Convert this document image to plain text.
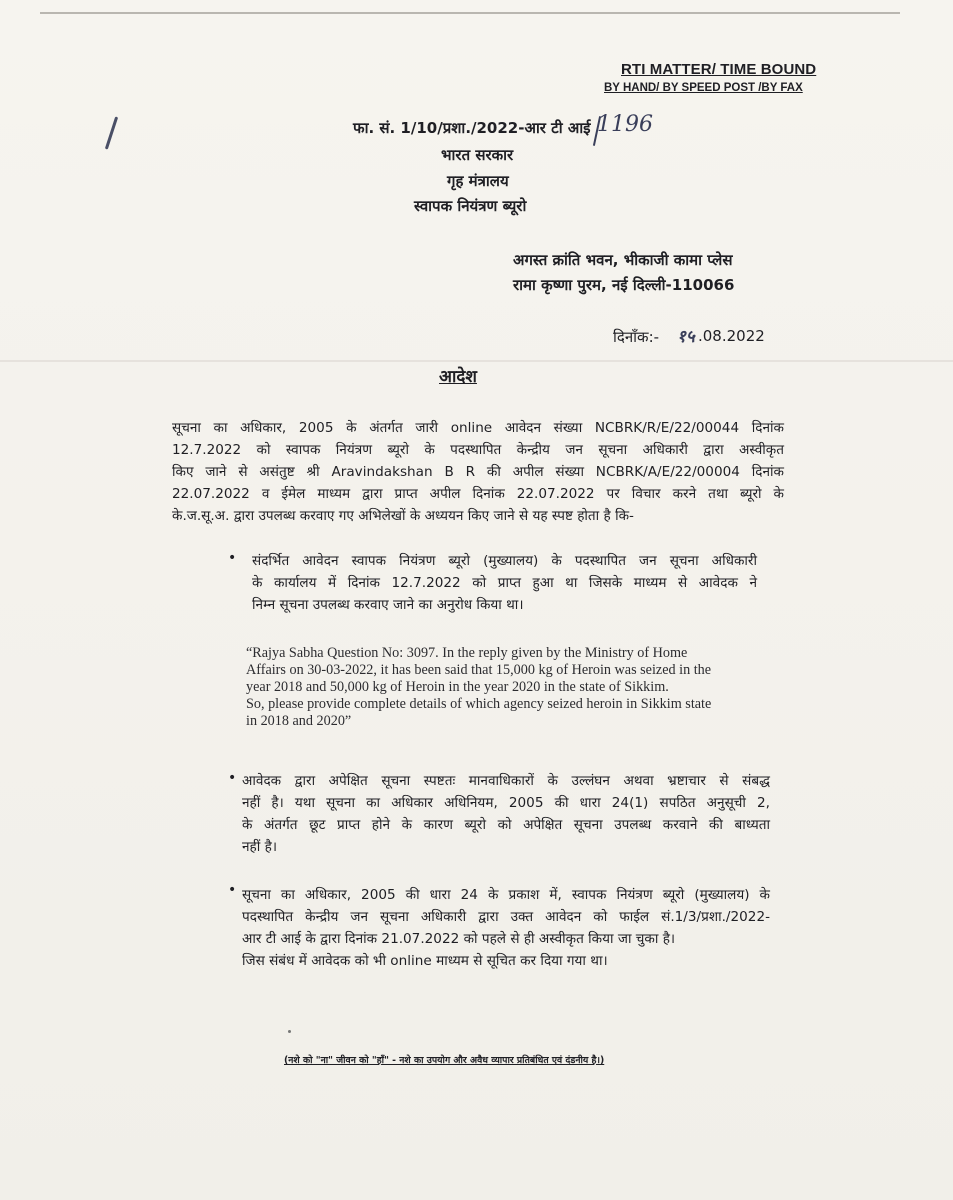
RTI MATTER/ TIME BOUND
BY HAND/ BY SPEED POST /BY FAX
फा. सं. 1/10/प्रशा./2022-आर टी आई 1196
भारत सरकार
गृह मंत्रालय
स्वापक नियंत्रण ब्यूरो
अगस्त क्रांति भवन, भीकाजी कामा प्लेस
रामा कृष्णा पुरम, नई दिल्ली-110066
दिनाँक:- १५ .08.2022
आदेश
सूचना का अधिकार, 2005 के अंतर्गत जारी online आवेदन संख्या NCBRK/R/E/22/00044 दिनांक
12.7.2022 को स्वापक नियंत्रण ब्यूरो के पदस्थापित केन्द्रीय जन सूचना अधिकारी द्वारा अस्वीकृत
किए जाने से असंतुष्ट श्री Aravindakshan B R की अपील संख्या NCBRK/A/E/22/00004 दिनांक
22.07.2022 व ईमेल माध्यम द्वारा प्राप्त अपील दिनांक 22.07.2022 पर विचार करने तथा ब्यूरो के
के.ज.सू.अ. द्वारा उपलब्ध करवाए गए अभिलेखों के अध्ययन किए जाने से यह स्पष्ट होता है कि-
• संदर्भित आवेदन स्वापक नियंत्रण ब्यूरो (मुख्यालय) के पदस्थापित जन सूचना अधिकारी
के कार्यालय में दिनांक 12.7.2022 को प्राप्त हुआ था जिसके माध्यम से आवेदक ने
निम्न सूचना उपलब्ध करवाए जाने का अनुरोध किया था।
“Rajya Sabha Question No: 3097. In the reply given by the Ministry of Home
Affairs on 30-03-2022, it has been said that 15,000 kg of Heroin was seized in the
year 2018 and 50,000 kg of Heroin in the year 2020 in the state of Sikkim.
So, please provide complete details of which agency seized heroin in Sikkim state
in 2018 and 2020”
• आवेदक द्वारा अपेक्षित सूचना स्पष्टतः मानवाधिकारों के उल्लंघन अथवा भ्रष्टाचार से संबद्ध
नहीं है। यथा सूचना का अधिकार अधिनियम, 2005 की धारा 24(1) सपठित अनुसूची 2,
के अंतर्गत छूट प्राप्त होने के कारण ब्यूरो को अपेक्षित सूचना उपलब्ध करवाने की बाध्यता
नहीं है।
• सूचना का अधिकार, 2005 की धारा 24 के प्रकाश में, स्वापक नियंत्रण ब्यूरो (मुख्यालय) के
पदस्थापित केन्द्रीय जन सूचना अधिकारी द्वारा उक्त आवेदन को फाईल सं.1/3/प्रशा./2022-
आर टी आई के द्वारा दिनांक 21.07.2022 को पहले से ही अस्वीकृत किया जा चुका है।
जिस संबंध में आवेदक को भी online माध्यम से सूचित कर दिया गया था।
(नशे को "ना" जीवन को "हाँ" - नशे का उपयोग और अवैध व्यापार प्रतिबंधित एवं दंडनीय है।)
